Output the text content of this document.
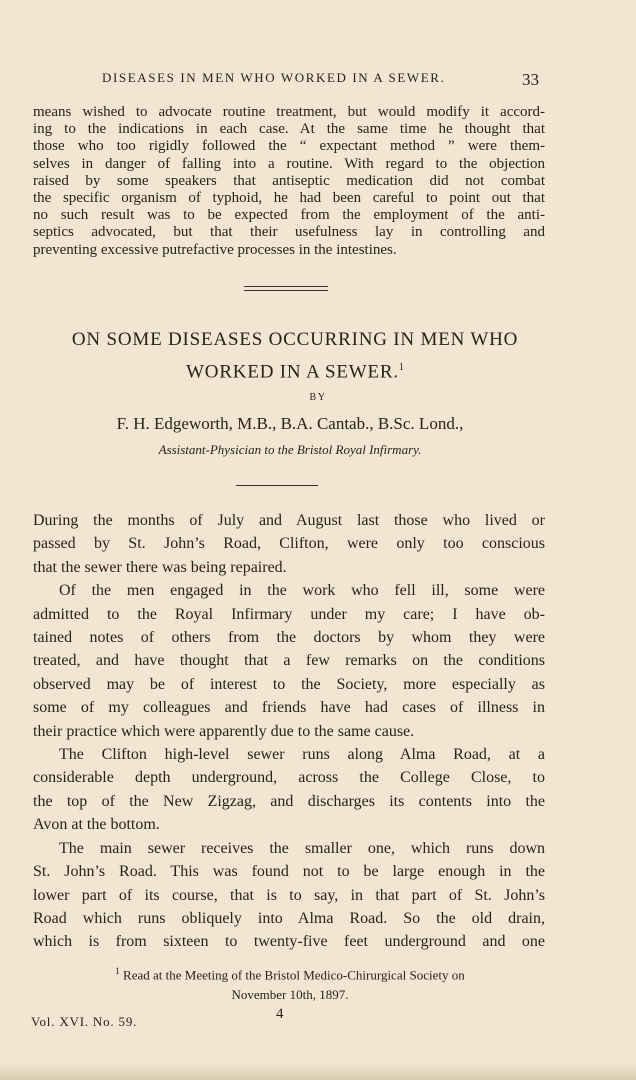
DISEASES IN MEN WHO WORKED IN A SEWER.	33
means wished to advocate routine treatment, but would modify it accord-
ing to the indications in each case. At the same time he thought that
those who too rigidly followed the “ expectant method ” were them-
selves in danger of falling into a routine. With regard to the objection
raised by some speakers that antiseptic medication did not combat
the specific organism of typhoid, he had been careful to point out that
no such result was to be expected from the employment of the anti-
septics advocated, but that their usefulness lay in controlling and
preventing excessive putrefactive processes in the intestines.
ON SOME DISEASES OCCURRING IN MEN WHO
WORKED IN A SEWER.$^1$
BY
F. H. Edgeworth, M.B., B.A. Cantab., B.Sc. Lond.,
Assistant-Physician to the Bristol Royal Infirmary.
During the months of July and August last those who lived or
passed by St. John’s Road, Clifton, were only too conscious
that the sewer there was being repaired.
Of the men engaged in the work who fell ill, some were
admitted to the Royal Infirmary under my care; I have ob-
tained notes of others from the doctors by whom they were
treated, and have thought that a few remarks on the conditions
observed may be of interest to the Society, more especially as
some of my colleagues and friends have had cases of illness in
their practice which were apparently due to the same cause.
The Clifton high-level sewer runs along Alma Road, at a
considerable depth underground, across the College Close, to
the top of the New Zigzag, and discharges its contents into the
Avon at the bottom.
The main sewer receives the smaller one, which runs down
St. John’s Road. This was found not to be large enough in the
lower part of its course, that is to say, in that part of St. John’s
Road which runs obliquely into Alma Road. So the old drain,
which is from sixteen to twenty-five feet underground and one
$^1$ Read at the Meeting of the Bristol Medico-Chirurgical Society on
November 10th, 1897.
Vol. XVI. No. 59.	4
